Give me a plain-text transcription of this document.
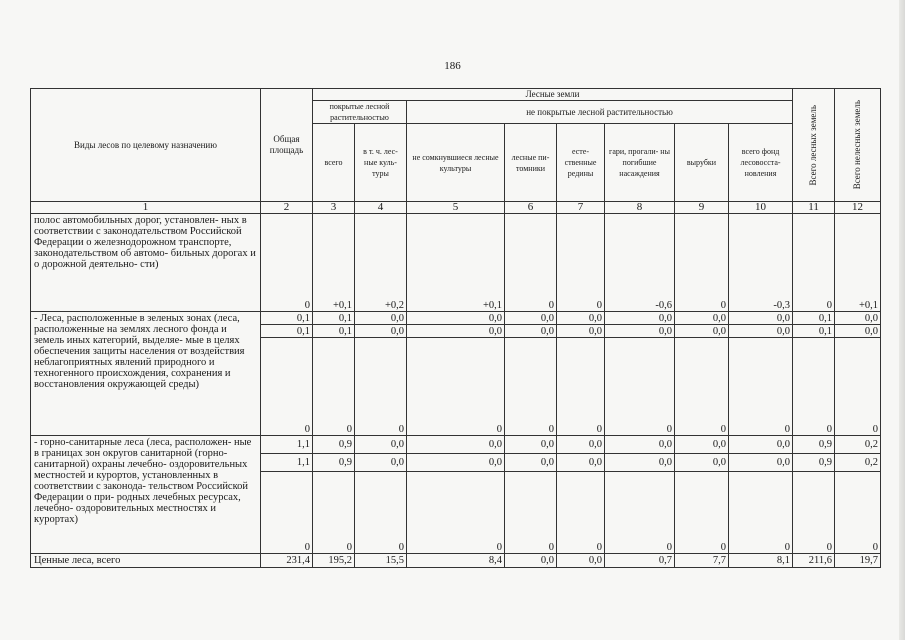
186
Виды лесов по целевому назначению	Общая площадь	Лесные земли								Всего лесных земель	Всего нелесных земель

		покрытые лесной растительностью		не покрытые лесной растительностью							
		всего	в т. ч. лес- ные куль- туры	не сомкнувшиеся лесные культуры	лесные пи- томники	есте- ственные редины	гари, прогали- ны погибшие насаждения	вырубки	всего фонд лесовосста- новления		
1	2	3	4	5	6	7	8	9	10	11	12
полос автомобильных дорог, установлен- ных в соответствии с законодательством Российской Федерации о железнодорожном транспорте, законодательством об автомо- бильных дорогах и о дорожной деятельно- сти)	0	+0,1	+0,2	+0,1	0	0	-0,6	0	-0,3	0	+0,1
- Леса, расположенные в зеленых зонах (леса, расположенные на землях лесного фонда и земель иных категорий, выделяе- мые в целях обеспечения защиты населения от воздействия неблагоприятных явлений природного и техногенного происхождения, сохранения и восстановления окружающей среды)	0,1	0,1	0,0	0,0	0,0	0,0	0,0	0,0	0,0	0,1	0,0
	0,1	0,1	0,0	0,0	0,0	0,0	0,0	0,0	0,0	0,1	0,0
	0	0	0	0	0	0	0	0	0	0	0
- горно-санитарные леса (леса, расположен- ные в границах зон округов санитарной (горно-санитарной) охраны лечебно- оздоровительных местностей и курортов, установленных в соответствии с законода- тельством Российской Федерации о при- родных лечебных ресурсах, лечебно- оздоровительных местностях и курортах)	1,1	0,9	0,0	0,0	0,0	0,0	0,0	0,0	0,0	0,9	0,2
	1,1	0,9	0,0	0,0	0,0	0,0	0,0	0,0	0,0	0,9	0,2
	0	0	0	0	0	0	0	0	0	0	0
Ценные леса, всего	231,4	195,2	15,5	8,4	0,0	0,0	0,7	7,7	8,1	211,6	19,7
